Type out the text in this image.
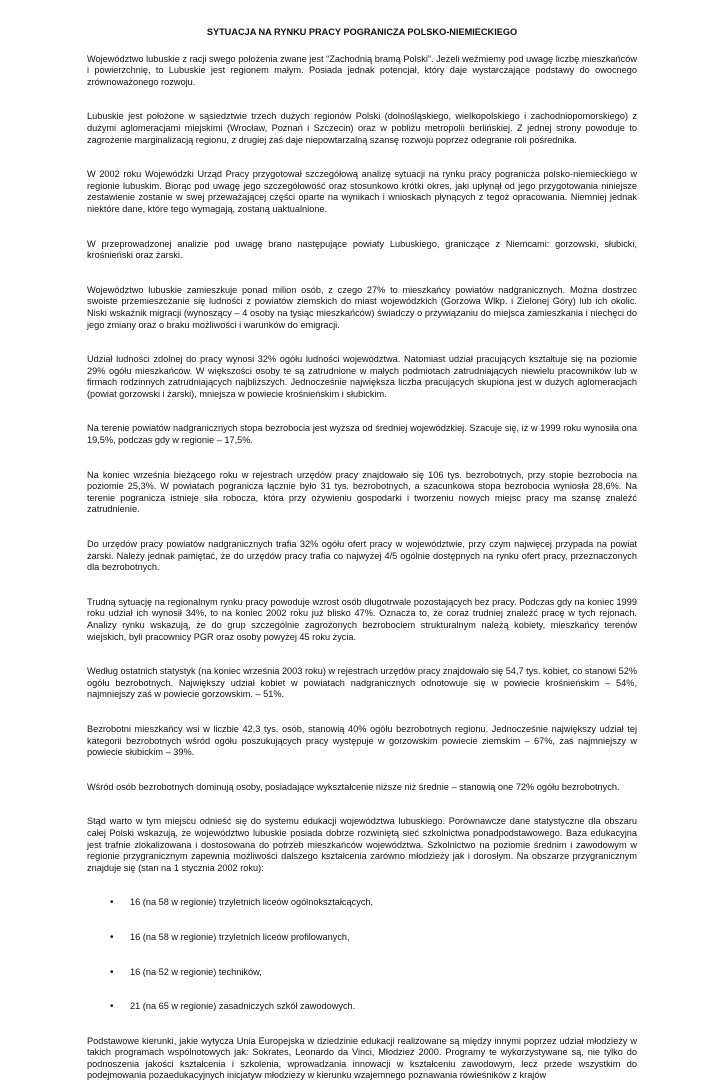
SYTUACJA NA RYNKU PRACY POGRANICZA POLSKO-NIEMIECKIEGO

Województwo lubuskie z racji swego położenia zwane jest “Zachodnią bramą Polski”. Jeżeli weźmiemy pod uwagę liczbę mieszkańców i powierzchnię, to Lubuskie jest regionem małym. Posiada jednak potencjał, który daje wystarczające podstawy do owocnego zrównoważonego rozwoju.

Lubuskie jest położone w sąsiedztwie trzech dużych regionów Polski (dolnośląskiego, wielkopolskiego i zachodniopomorskiego) z dużymi aglomeracjami miejskimi (Wrocław, Poznań i Szczecin) oraz w pobliżu metropolii berlińskiej. Z jednej strony powoduje to zagrożenie marginalizacją regionu, z drugiej zaś daje niepowtarzalną szansę rozwoju poprzez odegranie roli pośrednika.

W 2002 roku Wojewódzki Urząd Pracy przygotował szczegółową analizę sytuacji na rynku pracy pogranicza polsko-niemieckiego w regionie lubuskim. Biorąc pod uwagę jego szczegółowość oraz stosunkowo krótki okres, jaki upłynął od jego przygotowania niniejsze zestawienie zostanie w swej przeważającej części oparte na wynikach i wnioskach płynących z tegoż opracowania. Niemniej jednak niektóre dane, które tego wymagają, zostaną uaktualnione.

W przeprowadzonej analizie pod uwagę brano następujące powiaty Lubuskiego, graniczące z Niemcami: gorzowski, słubicki, krośnieński oraz żarski.

Województwo lubuskie zamieszkuje ponad milion osób, z czego 27% to mieszkańcy powiatów nadgranicznych. Można dostrzec swoiste przemieszczanie się ludności z powiatów ziemskich do miast wojewódzkich (Gorzowa Wlkp. i Zielonej Góry) lub ich okolic. Niski wskaźnik migracji (wynoszący – 4 osoby na tysiąc mieszkańców) świadczy o przywiązaniu do miejsca zamieszkania i niechęci do jego zmiany oraz o braku możliwości i warunków do emigracji.

Udział ludności zdolnej do pracy wynosi 32% ogółu ludności województwa. Natomiast udział pracujących kształtuje się na poziomie 29% ogółu mieszkańców. W większości osoby te są zatrudnione w małych podmiotach zatrudniających niewielu pracowników lub w firmach rodzinnych zatrudniających najbliższych. Jednocześnie największa liczba pracujących skupiona jest w dużych aglomeracjach (powiat gorzowski i żarski), mniejsza w powiecie krośnieńskim i słubickim.

Na terenie powiatów nadgranicznych stopa bezrobocia jest wyższa od średniej wojewódzkiej. Szacuje się, iż w 1999 roku wynosiła ona 19,5%, podczas gdy w regionie – 17,5%.

Na koniec września bieżącego roku w rejestrach urzędów pracy znajdowało się 106 tys. bezrobotnych, przy stopie bezrobocia na poziomie 25,3%. W powiatach pogranicza łącznie było 31 tys. bezrobotnych, a szacunkowa stopa bezrobocia wyniosła 28,6%. Na terenie pogranicza istnieje siła robocza, która przy ożywieniu gospodarki i tworzeniu nowych miejsc pracy ma szansę znaleźć zatrudnienie.

Do urzędów pracy powiatów nadgranicznych trafia 32% ogółu ofert pracy w województwie, przy czym najwięcej przypada na powiat żarski. Należy jednak pamiętać, że do urzędów pracy trafia co najwyżej 4/5 ogólnie dostępnych na rynku ofert pracy, przeznaczonych dla bezrobotnych.

Trudną sytuację na regionalnym rynku pracy powoduje wzrost osób długotrwale pozostających bez pracy. Podczas gdy na koniec 1999 roku udział ich wynosił 34%, to na koniec 2002 roku już blisko 47%. Oznacza to, że coraz trudniej znaleźć pracę w tych rejonach. Analizy rynku wskazują, że do grup szczególnie zagrożonych bezrobociem strukturalnym należą kobiety, mieszkańcy terenów wiejskich, byli pracownicy PGR oraz osoby powyżej 45 roku życia.

Według ostatnich statystyk (na koniec września 2003 roku) w rejestrach urzędów pracy znajdowało się 54,7 tys. kobiet, co stanowi 52% ogółu bezrobotnych. Największy udział kobiet w powiatach nadgranicznych odnotowuje się w powiecie krośnieńskim – 54%, najmniejszy zaś w powiecie gorzowskim. – 51%.

Bezrobotni mieszkańcy wsi w liczbie 42,3 tys. osób, stanowią 40% ogółu bezrobotnych regionu. Jednocześnie największy udział tej kategorii bezrobotnych wśród ogółu poszukujących pracy występuje w gorzowskim powiecie ziemskim – 67%, zaś najmniejszy w powiecie słubickim – 39%.

Wśród osób bezrobotnych dominują osoby, posiadające wykształcenie niższe niż średnie – stanowią one 72% ogółu bezrobotnych.

Stąd warto w tym miejscu odnieść się do systemu edukacji województwa lubuskiego. Porównawcze dane statystyczne dla obszaru całej Polski wskazują, że województwo lubuskie posiada dobrze rozwiniętą sieć szkolnictwa ponadpodstawowego. Baza edukacyjna jest trafnie zlokalizowana i dostosowana do potrzeb mieszkańców województwa. Szkolnictwo na poziomie średnim i zawodowym w regionie przygranicznym zapewnia możliwości dalszego kształcenia zarówno młodzieży jak i dorosłym. Na obszarze przygranicznym znajduje się (stan na 1 stycznia 2002 roku):

• 16 (na 58 w regionie) trzyletnich liceów ogólnokształcących,
• 16 (na 58 w regionie) trzyletnich liceów profilowanych,
• 16 (na 52 w regionie) techników,
• 21 (na 65 w regionie) zasadniczych szkół zawodowych.

Podstawowe kierunki, jakie wytycza Unia Europejska w dziedzinie edukacji realizowane są między innymi poprzez udział młodzieży w takich programach wspólnotowych jak: Sokrates, Leonardo da Vinci, Młodzież 2000. Programy te wykorzystywane są, nie tylko do podnoszenia jakości kształcenia i szkolenia, wprowadzania innowacji w kształceniu zawodowym, lecz przede wszystkim do podejmowania pozaedukacyjnych inicjatyw młodzieży w kierunku wzajemnego poznawania rówieśników z krajów
